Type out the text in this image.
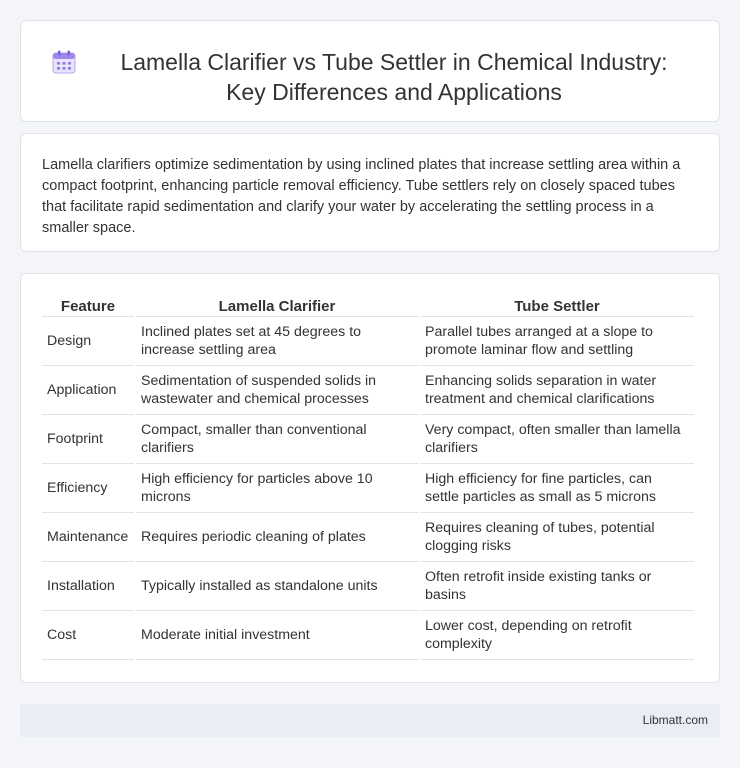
Lamella Clarifier vs Tube Settler in Chemical Industry: Key Differences and Applications

Lamella clarifiers optimize sedimentation by using inclined plates that increase settling area within a compact footprint, enhancing particle removal efficiency. Tube settlers rely on closely spaced tubes that facilitate rapid sedimentation and clarify your water by accelerating the settling process in a smaller space.

Feature	Lamella Clarifier	Tube Settler
Design	Inclined plates set at 45 degrees to increase settling area	Parallel tubes arranged at a slope to promote laminar flow and settling
Application	Sedimentation of suspended solids in wastewater and chemical processes	Enhancing solids separation in water treatment and chemical clarifications
Footprint	Compact, smaller than conventional clarifiers	Very compact, often smaller than lamella clarifiers
Efficiency	High efficiency for particles above 10 microns	High efficiency for fine particles, can settle particles as small as 5 microns
Maintenance	Requires periodic cleaning of plates	Requires cleaning of tubes, potential clogging risks
Installation	Typically installed as standalone units	Often retrofit inside existing tanks or basins
Cost	Moderate initial investment	Lower cost, depending on retrofit complexity
Libmatt.com
